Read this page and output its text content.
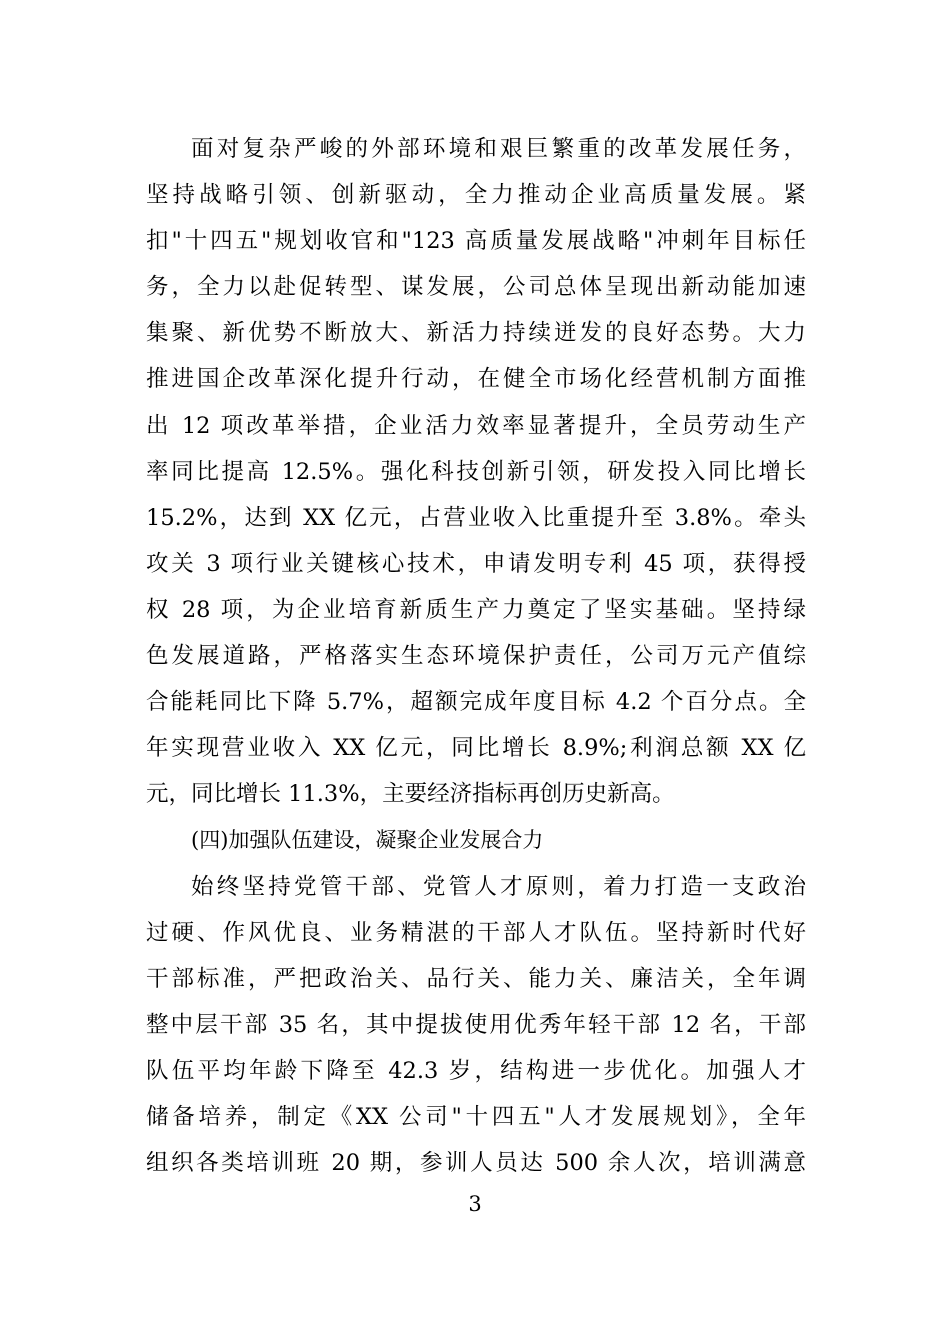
面对复杂严峻的外部环境和艰巨繁重的改革发展任务，
坚持战略引领、创新驱动，全力推动企业高质量发展。紧
扣"十四五"规划收官和"123 高质量发展战略"冲刺年目标任
务，全力以赴促转型、谋发展，公司总体呈现出新动能加速
集聚、新优势不断放大、新活力持续迸发的良好态势。大力
推进国企改革深化提升行动，在健全市场化经营机制方面推
出 12 项改革举措，企业活力效率显著提升，全员劳动生产
率同比提高 12.5%。强化科技创新引领，研发投入同比增长
15.2%，达到 XX 亿元，占营业收入比重提升至 3.8%。牵头
攻关 3 项行业关键核心技术，申请发明专利 45 项，获得授
权 28 项，为企业培育新质生产力奠定了坚实基础。坚持绿
色发展道路，严格落实生态环境保护责任，公司万元产值综
合能耗同比下降 5.7%，超额完成年度目标 4.2 个百分点。全
年实现营业收入 XX 亿元，同比增长 8.9%;利润总额 XX 亿
元，同比增长 11.3%，主要经济指标再创历史新高。
(四)加强队伍建设，凝聚企业发展合力
始终坚持党管干部、党管人才原则，着力打造一支政治
过硬、作风优良、业务精湛的干部人才队伍。坚持新时代好
干部标准，严把政治关、品行关、能力关、廉洁关，全年调
整中层干部 35 名，其中提拔使用优秀年轻干部 12 名，干部
队伍平均年龄下降至 42.3 岁，结构进一步优化。加强人才
储备培养，制定《XX 公司"十四五"人才发展规划》，全年
组织各类培训班 20 期，参训人员达 500 余人次，培训满意
3
